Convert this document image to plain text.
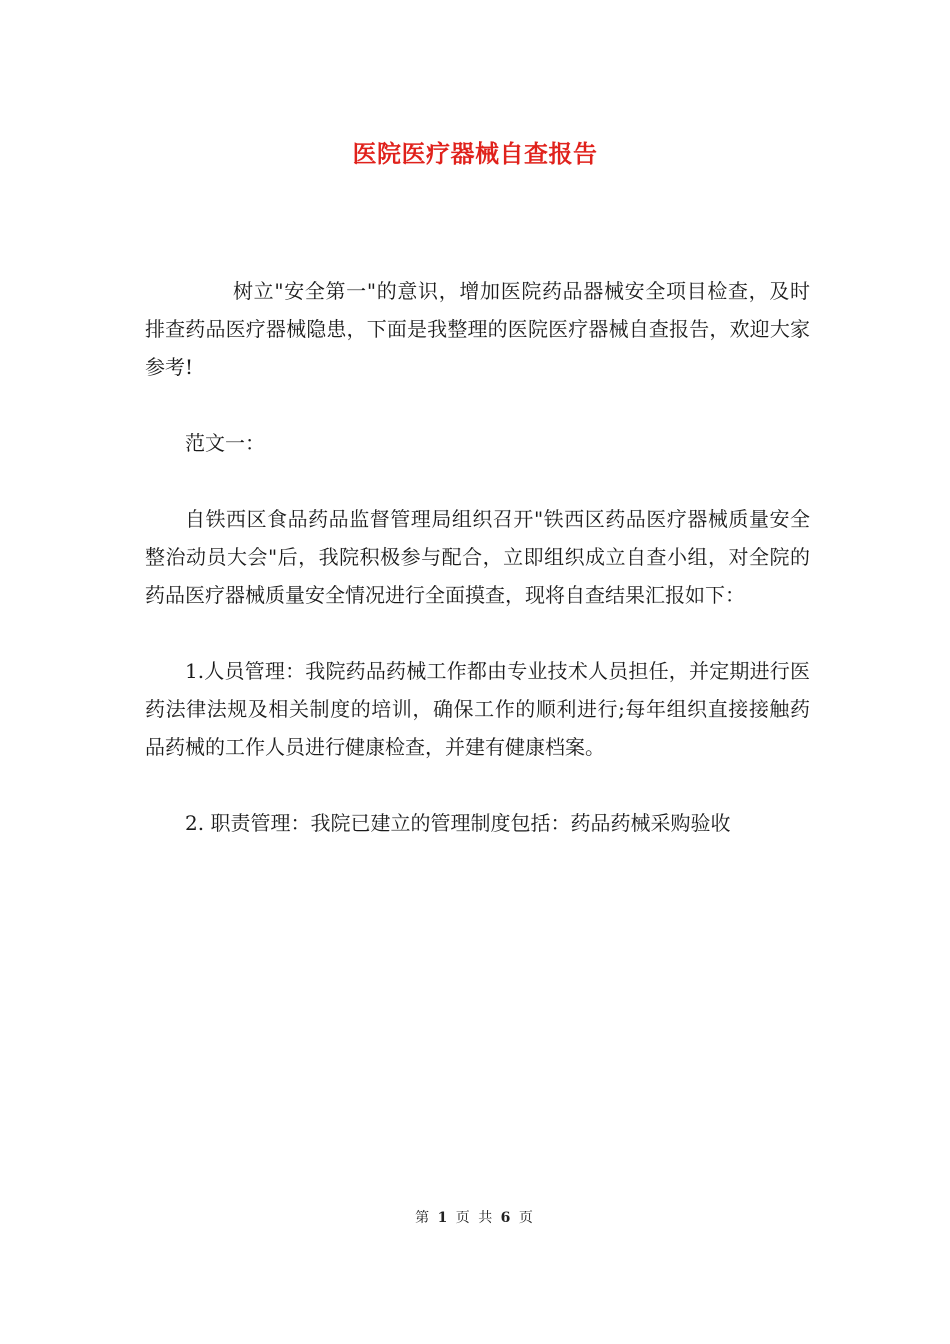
医院医疗器械自查报告

树立"安全第一"的意识，增加医院药品器械安全项目检查，及时排查药品医疗器械隐患，下面是我整理的医院医疗器械自查报告，欢迎大家参考!

范文一：

自铁西区食品药品监督管理局组织召开"铁西区药品医疗器械质量安全整治动员大会"后，我院积极参与配合，立即组织成立自查小组，对全院的药品医疗器械质量安全情况进行全面摸查，现将自查结果汇报如下：

1.人员管理：我院药品药械工作都由专业技术人员担任，并定期进行医药法律法规及相关制度的培训，确保工作的顺利进行;每年组织直接接触药品药械的工作人员进行健康检查，并建有健康档案。

2. 职责管理：我院已建立的管理制度包括：药品药械采购验收

第 1 页 共 6 页
